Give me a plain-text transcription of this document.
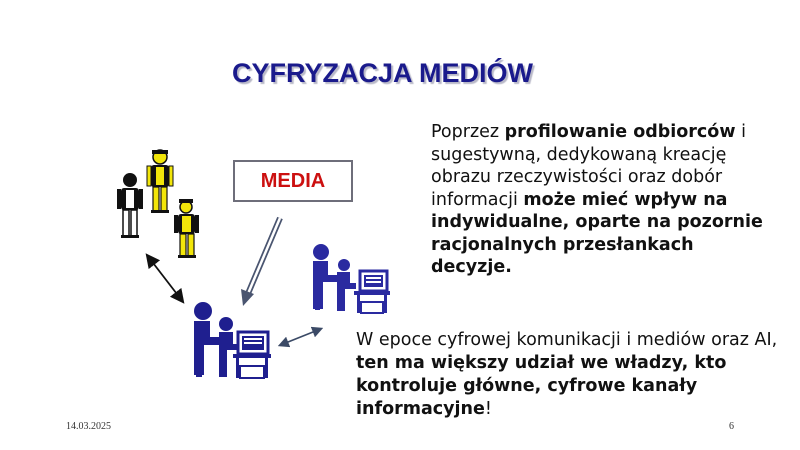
CYFRYZACJA MEDIÓW
MEDIA
Poprzez profilowanie odbiorców i sugestywną, dedykowaną kreację obrazu rzeczywistości oraz dobór informacji może mieć wpływ na indywidualne, oparte na pozornie racjonalnych przesłankach decyzje.
W epoce cyfrowej komunikacji i mediów oraz AI, ten ma większy udział we władzy, kto kontroluje główne, cyfrowe kanały informacyjne!
14.03.2025	6
